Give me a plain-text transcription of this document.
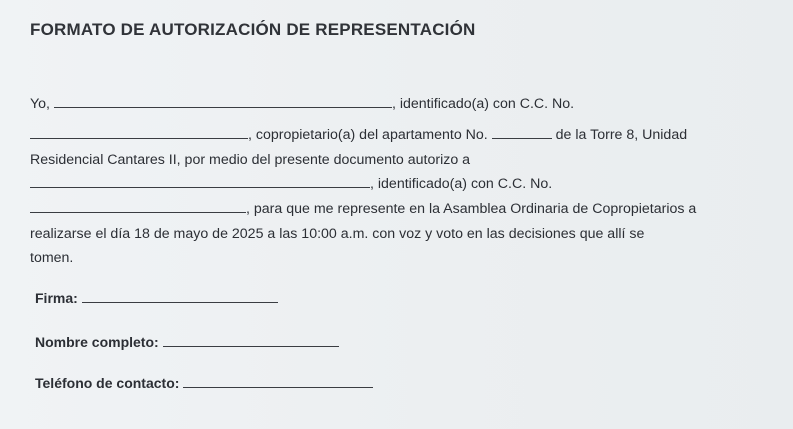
FORMATO DE AUTORIZACIÓN DE REPRESENTACIÓN
Yo,	, identificado(a) con C.C. No.
, copropietario(a) del apartamento No.	de la Torre 8, Unidad
Residencial Cantares II, por medio del presente documento autorizo a
, identificado(a) con C.C. No.
, para que me represente en la Asamblea Ordinaria de Copropietarios a
realizarse el día 18 de mayo de 2025 a las 10:00 a.m. con voz y voto en las decisiones que allí se
tomen.
Firma:
Nombre completo:
Teléfono de contacto:
